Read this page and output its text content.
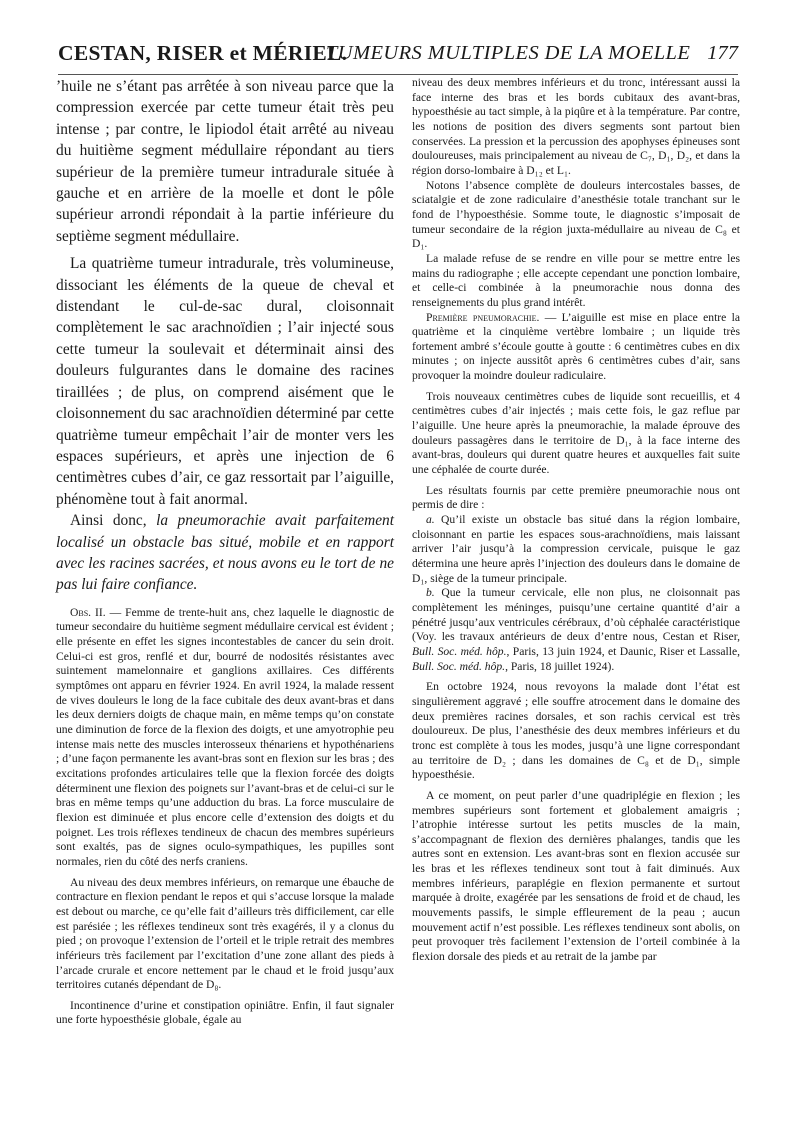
CESTAN, RISER et MÉRIEL.
TUMEURS MULTIPLES DE LA MOELLE 177

’huile ne s’étant pas arrêtée à son niveau parce que la compression exercée par cette tumeur était très peu intense ; par contre, le lipiodol était arrêté au niveau du huitième segment médullaire répondant au tiers supérieur de la première tumeur intradurale située à gauche et en arrière de la moelle et dont le pôle supérieur arrondi répondait à la partie inférieure du septième segment médullaire.

La quatrième tumeur intradurale, très volumineuse, dissociant les éléments de la queue de cheval et distendant le cul-de-sac dural, cloisonnait complètement le sac arachnoïdien ; l’air injecté sous cette tumeur la soulevait et déterminait ainsi des douleurs fulgurantes dans le domaine des racines tiraillées ; de plus, on comprend aisément que le cloisonnement du sac arachnoïdien déterminé par cette quatrième tumeur empêchait l’air de monter vers les espaces supérieurs, et après une injection de 6 centimètres cubes d’air, ce gaz ressortait par l’aiguille, phénomène tout à fait anormal.

Ainsi donc, la pneumorachie avait parfaitement localisé un obstacle bas situé, mobile et en rapport avec les racines sacrées, et nous avons eu le tort de ne pas lui faire confiance.

Obs. II. — Femme de trente-huit ans, chez laquelle le diagnostic de tumeur secondaire du huitième segment médullaire cervical est évident ; elle présente en effet les signes incontestables de cancer du sein droit. Celui-ci est gros, renflé et dur, bourré de nodosités résistantes avec suintement mamelonnaire et ganglions axillaires. Ces différents symptômes ont apparu en février 1924. En avril 1924, la malade ressent de vives douleurs le long de la face cubitale des deux avant-bras et dans les deux derniers doigts de chaque main, en même temps qu’on constate une diminution de force de la flexion des doigts, et une amyotrophie peu intense mais nette des muscles interosseux thénariens et hypothénariens ; d’une façon permanente les avant-bras sont en flexion sur les bras ; des excitations profondes articulaires telle que la flexion forcée des doigts déterminent une flexion des poignets sur l’avant-bras et de celui-ci sur le bras en même temps qu’une adduction du bras. La force musculaire de flexion est diminuée et plus encore celle d’extension des doigts et du poignet. Les trois réflexes tendineux de chacun des membres supérieurs sont exaltés, pas de signes oculo-sympathiques, les pupilles sont normales, rien du côté des nerfs craniens.

Au niveau des deux membres inférieurs, on remarque une ébauche de contracture en flexion pendant le repos et qui s’accuse lorsque la malade est debout ou marche, ce qu’elle fait d’ailleurs très difficilement, car elle est parésiée ; les réflexes tendineux sont très exagérés, il y a clonus du pied ; on provoque l’extension de l’orteil et le triple retrait des membres inférieurs très facilement par l’excitation d’une zone allant des pieds à l’arcade crurale et encore nettement par le chaud et le froid jusqu’aux territoires cutanés dépendant de D₈.

Incontinence d’urine et constipation opiniâtre. Enfin, il faut signaler une forte hypoesthésie globale, égale au

niveau des deux membres inférieurs et du tronc, intéressant aussi la face interne des bras et les bords cubitaux des avant-bras, hypoesthésie au tact simple, à la piqûre et à la température. Par contre, les notions de position des divers segments sont partout bien conservées. La pression et la percussion des apophyses épineuses sont douloureuses, mais principalement au niveau de C₇, D₁, D₂, et dans la région dorso-lombaire à D₁₂ et L₁.

Notons l’absence complète de douleurs intercostales basses, de sciatalgie et de zone radiculaire d’anesthésie totale tranchant sur le fond de l’hypoesthésie. Somme toute, le diagnostic s’imposait de tumeur secondaire de la région juxta-médullaire au niveau de C₈ et D₁.

La malade refuse de se rendre en ville pour se mettre entre les mains du radiographe ; elle accepte cependant une ponction lombaire, et celle-ci combinée à la pneumorachie nous donna des renseignements du plus grand intérêt.

Première pneumorachie. — L’aiguille est mise en place entre la quatrième et la cinquième vertèbre lombaire ; un liquide très fortement ambré s’écoule goutte à goutte : 6 centimètres cubes en dix minutes ; on injecte aussitôt après 6 centimètres cubes d’air, sans provoquer la moindre douleur radiculaire.

Trois nouveaux centimètres cubes de liquide sont recueillis, et 4 centimètres cubes d’air injectés ; mais cette fois, le gaz reflue par l’aiguille. Une heure après la pneumorachie, la malade éprouve des douleurs passagères dans le territoire de D₁, à la face interne des avant-bras, douleurs qui durent quatre heures et auxquelles fait suite une céphalée de courte durée.

Les résultats fournis par cette première pneumorachie nous ont permis de dire :

a. Qu’il existe un obstacle bas situé dans la région lombaire, cloisonnant en partie les espaces sous-arachnoïdiens, mais laissant arriver l’air jusqu’à la compression cervicale, puisque le gaz détermina une heure après l’injection des douleurs dans le domaine de D₁, siège de la tumeur principale.

b. Que la tumeur cervicale, elle non plus, ne cloisonnait pas complètement les méninges, puisqu’une certaine quantité d’air a pénétré jusqu’aux ventricules cérébraux, d’où céphalée caractéristique (Voy. les travaux antérieurs de deux d’entre nous, Cestan et Riser, Bull. Soc. méd. hôp., Paris, 13 juin 1924, et Daunic, Riser et Lassalle, Bull. Soc. méd. hôp., Paris, 18 juillet 1924).

En octobre 1924, nous revoyons la malade dont l’état est singulièrement aggravé ; elle souffre atrocement dans le domaine des deux premières racines dorsales, et son rachis cervical est très douloureux. De plus, l’anesthésie des deux membres inférieurs et du tronc est complète à tous les modes, jusqu’à une ligne correspondant au territoire de D₂ ; dans les domaines de C₈ et de D₁, simple hypoesthésie.

A ce moment, on peut parler d’une quadriplégie en flexion ; les membres supérieurs sont fortement et globalement amaigris ; l’atrophie intéresse surtout les petits muscles de la main, s’accompagnant de flexion des dernières phalanges, tandis que les autres sont en extension. Les avant-bras sont en flexion accusée sur les bras et les réflexes tendineux sont tout à fait diminués. Aux membres inférieurs, paraplégie en flexion permanente et surtout marquée à droite, exagérée par les sensations de froid et de chaud, les mouvements passifs, le simple effleurement de la peau ; aucun mouvement actif n’est possible. Les réflexes tendineux sont abolis, on peut provoquer très facilement l’extension de l’orteil combinée à la flexion dorsale des pieds et au retrait de la jambe par
